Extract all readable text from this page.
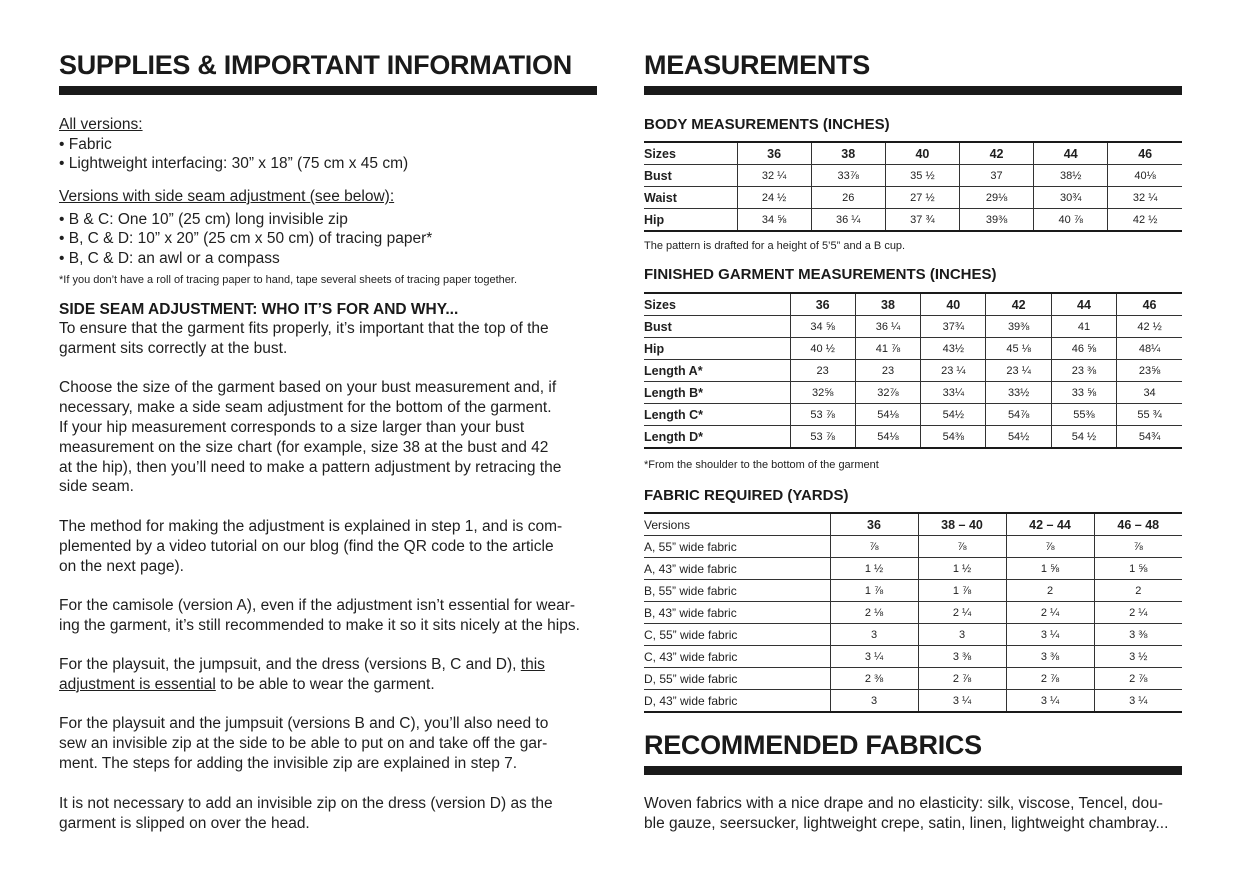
SUPPLIES & IMPORTANT INFORMATION
All versions:
• Fabric
• Lightweight interfacing: 30” x 18” (75 cm x 45 cm)
Versions with side seam adjustment (see below):
• B & C: One 10” (25 cm) long invisible zip
• B, C & D: 10” x 20” (25 cm x 50 cm) of tracing paper*
• B, C & D: an awl or a compass
*If you don’t have a roll of tracing paper to hand, tape several sheets of tracing paper together.
SIDE SEAM ADJUSTMENT: WHO IT’S FOR AND WHY...
To ensure that the garment fits properly, it’s important that the top of the
garment sits correctly at the bust.
Choose the size of the garment based on your bust measurement and, if
necessary, make a side seam adjustment for the bottom of the garment.
If your hip measurement corresponds to a size larger than your bust
measurement on the size chart (for example, size 38 at the bust and 42
at the hip), then you’ll need to make a pattern adjustment by retracing the
side seam.
The method for making the adjustment is explained in step 1, and is com-
plemented by a video tutorial on our blog (find the QR code to the article
on the next page).
For the camisole (version A), even if the adjustment isn’t essential for wear-
ing the garment, it’s still recommended to make it so it sits nicely at the hips.
For the playsuit, the jumpsuit, and the dress (versions B, C and D), this
adjustment is essential to be able to wear the garment.
For the playsuit and the jumpsuit (versions B and C), you’ll also need to
sew an invisible zip at the side to be able to put on and take off the gar-
ment. The steps for adding the invisible zip are explained in step 7.
It is not necessary to add an invisible zip on the dress (version D) as the
garment is slipped on over the head.
MEASUREMENTS
BODY MEASUREMENTS (INCHES)
Sizes	36	38	40	42	44	46
Bust	32 ¼	33⅞	35 ½	37	38½	40⅛
Waist	24 ½	26	27 ½	29⅛	30¾	32 ¼
Hip	34 ⅝	36 ¼	37 ¾	39⅜	40 ⅞	42 ½
The pattern is drafted for a height of 5’5” and a B cup.
FINISHED GARMENT MEASUREMENTS (INCHES)
Sizes	36	38	40	42	44	46
Bust	34 ⅝	36 ¼	37¾	39⅜	41	42 ½
Hip	40 ½	41 ⅞	43½	45 ⅛	46 ⅝	48¼
Length A*	23	23	23 ¼	23 ¼	23 ⅜	23⅝
Length B*	32⅝	32⅞	33¼	33½	33 ⅝	34
Length C*	53 ⅞	54⅛	54½	54⅞	55⅜	55 ¾
Length D*	53 ⅞	54⅛	54⅜	54½	54 ½	54¾
*From the shoulder to the bottom of the garment
FABRIC REQUIRED (YARDS)
Versions	36	38 – 40	42 – 44	46 – 48
A, 55” wide fabric	⅞	⅞	⅞	⅞
A, 43” wide fabric	1 ½	1 ½	1 ⅝	1 ⅝
B, 55” wide fabric	1 ⅞	1 ⅞	2	2
B, 43” wide fabric	2 ⅛	2 ¼	2 ¼	2 ¼
C, 55” wide fabric	3	3	3 ¼	3 ⅜
C, 43” wide fabric	3 ¼	3 ⅜	3 ⅜	3 ½
D, 55” wide fabric	2 ⅜	2 ⅞	2 ⅞	2 ⅞
D, 43” wide fabric	3	3 ¼	3 ¼	3 ¼
RECOMMENDED FABRICS
Woven fabrics with a nice drape and no elasticity: silk, viscose, Tencel, dou-
ble gauze, seersucker, lightweight crepe, satin, linen, lightweight chambray...
